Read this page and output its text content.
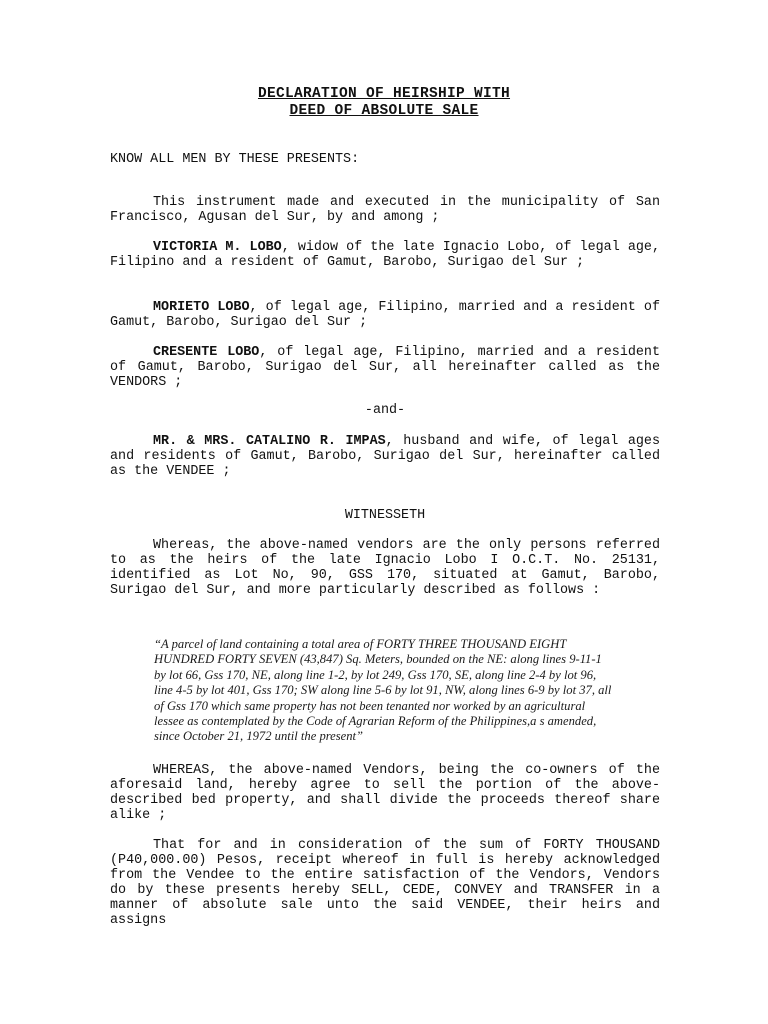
DECLARATION OF HEIRSHIP WITH
DEED OF ABSOLUTE SALE
KNOW ALL MEN BY THESE PRESENTS:
This instrument made and executed in the municipality of San Francisco, Agusan del Sur, by and among ;
VICTORIA M. LOBO, widow of the late Ignacio Lobo, of legal age, Filipino and a resident of Gamut, Barobo, Surigao del Sur ;
MORIETO LOBO, of legal age, Filipino, married and a resident of Gamut, Barobo, Surigao del Sur ;
CRESENTE LOBO, of legal age, Filipino, married and a resident of Gamut, Barobo, Surigao del Sur, all hereinafter called as the VENDORS ;
-and-
MR. & MRS. CATALINO R. IMPAS, husband and wife, of legal ages and residents of Gamut, Barobo, Surigao del Sur, hereinafter called as the VENDEE ;
WITNESSETH
Whereas, the above-named vendors are the only persons referred to as the heirs of the late Ignacio Lobo I O.C.T. No. 25131, identified as Lot No, 90, GSS 170, situated at Gamut, Barobo, Surigao del Sur, and more particularly described as follows :
“A parcel of land containing a total area of FORTY THREE THOUSAND EIGHT HUNDRED FORTY SEVEN (43,847) Sq. Meters, bounded on the NE: along lines 9-11-1 by lot 66, Gss 170, NE, along line 1-2, by lot 249, Gss 170, SE, along line 2-4 by lot 96, line 4-5 by lot 401, Gss 170; SW along line 5-6 by lot 91, NW, along lines 6-9 by lot 37, all of Gss 170 which same property has not been tenanted nor worked by an agricultural lessee as contemplated by the Code of Agrarian Reform of the Philippines,a s amended, since October 21, 1972 until the present”
WHEREAS, the above-named Vendors, being the co-owners of the aforesaid land, hereby agree to sell the portion of the above-described bed property, and shall divide the proceeds thereof share alike ;
That for and in consideration of the sum of FORTY THOUSAND (P40,000.00) Pesos, receipt whereof in full is hereby acknowledged from the Vendee to the entire satisfaction of the Vendors, Vendors do by these presents hereby SELL, CEDE, CONVEY and TRANSFER in a manner of absolute sale unto the said VENDEE, their heirs and assigns
